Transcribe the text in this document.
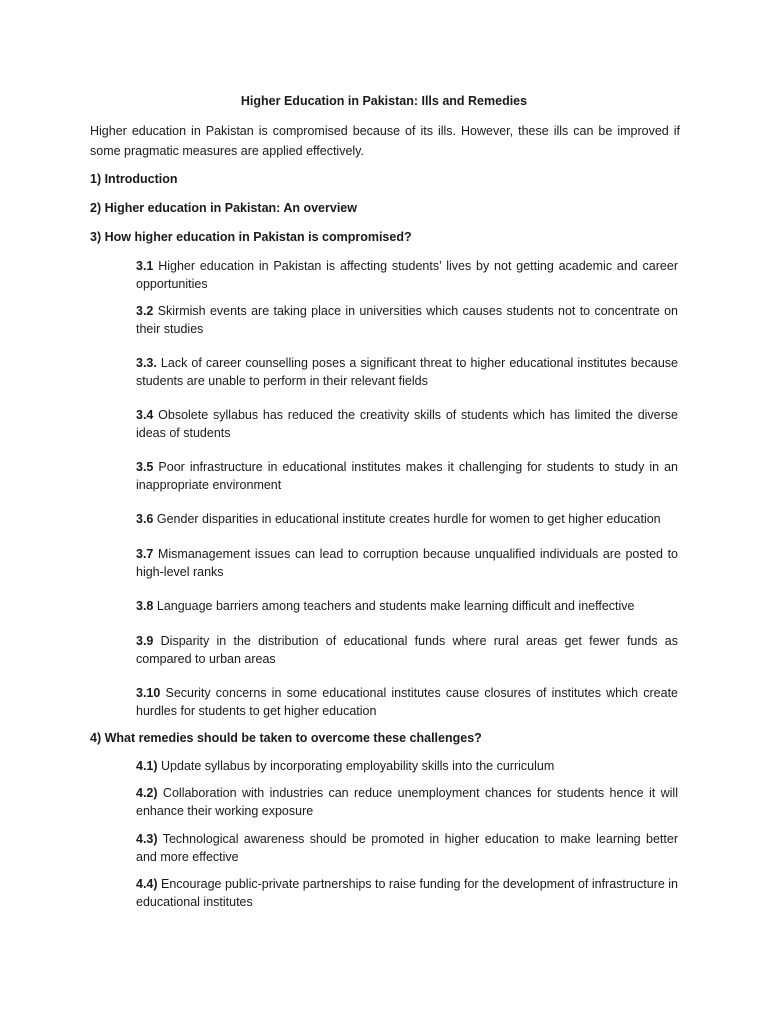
Higher Education in Pakistan: Ills and Remedies
Higher education in Pakistan is compromised because of its ills. However, these ills can be improved if some pragmatic measures are applied effectively.
1) Introduction
2) Higher education in Pakistan: An overview
3) How higher education in Pakistan is compromised?
3.1 Higher education in Pakistan is affecting students’ lives by not getting academic and career opportunities
3.2 Skirmish events are taking place in universities which causes students not to concentrate on their studies
3.3. Lack of career counselling poses a significant threat to higher educational institutes because students are unable to perform in their relevant fields
3.4 Obsolete syllabus has reduced the creativity skills of students which has limited the diverse ideas of students
3.5 Poor infrastructure in educational institutes makes it challenging for students to study in an inappropriate environment
3.6 Gender disparities in educational institute creates hurdle for women to get higher education
3.7 Mismanagement issues can lead to corruption because unqualified individuals are posted to high-level ranks
3.8 Language barriers among teachers and students make learning difficult and ineffective
3.9 Disparity in the distribution of educational funds where rural areas get fewer funds as compared to urban areas
3.10 Security concerns in some educational institutes cause closures of institutes which create hurdles for students to get higher education
4) What remedies should be taken to overcome these challenges?
4.1) Update syllabus by incorporating employability skills into the curriculum
4.2) Collaboration with industries can reduce unemployment chances for students hence it will enhance their working exposure
4.3) Technological awareness should be promoted in higher education to make learning better and more effective
4.4) Encourage public-private partnerships to raise funding for the development of infrastructure in educational institutes
